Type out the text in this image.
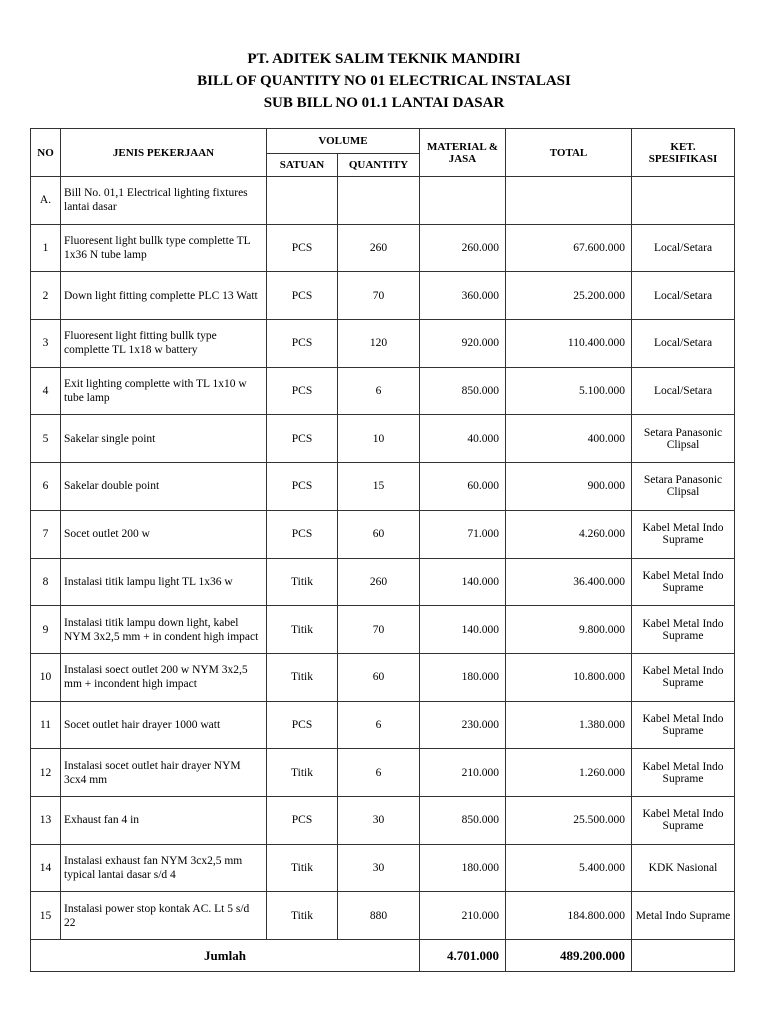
PT. ADITEK SALIM TEKNIK MANDIRI
BILL OF QUANTITY NO 01 ELECTRICAL INSTALASI
SUB BILL NO 01.1 LANTAI DASAR
NO	JENIS PEKERJAAN	VOLUME		MATERIAL & JASA	TOTAL	KET. SPESIFIKASI
		SATUAN	QUANTITY			
A.	Bill No. 01,1 Electrical lighting fixtures lantai dasar					
1	Fluoresent light bullk type complette TL 1x36 N tube lamp	PCS	260	260.000	67.600.000	Local/Setara
2	Down light fitting complette PLC 13 Watt	PCS	70	360.000	25.200.000	Local/Setara
3	Fluoresent light fitting bullk type complette TL 1x18 w battery	PCS	120	920.000	110.400.000	Local/Setara
4	Exit lighting complette with TL 1x10 w tube lamp	PCS	6	850.000	5.100.000	Local/Setara
5	Sakelar single point	PCS	10	40.000	400.000	Setara Panasonic Clipsal
6	Sakelar double point	PCS	15	60.000	900.000	Setara Panasonic Clipsal
7	Socet outlet 200 w	PCS	60	71.000	4.260.000	Kabel Metal Indo Suprame
8	Instalasi titik lampu light TL 1x36 w	Titik	260	140.000	36.400.000	Kabel Metal Indo Suprame
9	Instalasi titik lampu down light, kabel NYM 3x2,5 mm + in condent high impact	Titik	70	140.000	9.800.000	Kabel Metal Indo Suprame
10	Instalasi soect outlet 200 w NYM 3x2,5 mm + incondent high impact	Titik	60	180.000	10.800.000	Kabel Metal Indo Suprame
11	Socet outlet hair drayer 1000 watt	PCS	6	230.000	1.380.000	Kabel Metal Indo Suprame
12	Instalasi socet outlet hair drayer NYM 3cx4 mm	Titik	6	210.000	1.260.000	Kabel Metal Indo Suprame
13	Exhaust fan 4 in	PCS	30	850.000	25.500.000	Kabel Metal Indo Suprame
14	Instalasi exhaust fan NYM 3cx2,5 mm typical lantai dasar s/d 4	Titik	30	180.000	5.400.000	KDK Nasional
15	Instalasi power stop kontak AC. Lt 5 s/d 22	Titik	880	210.000	184.800.000	Metal Indo Suprame
Jumlah				4.701.000	489.200.000	
